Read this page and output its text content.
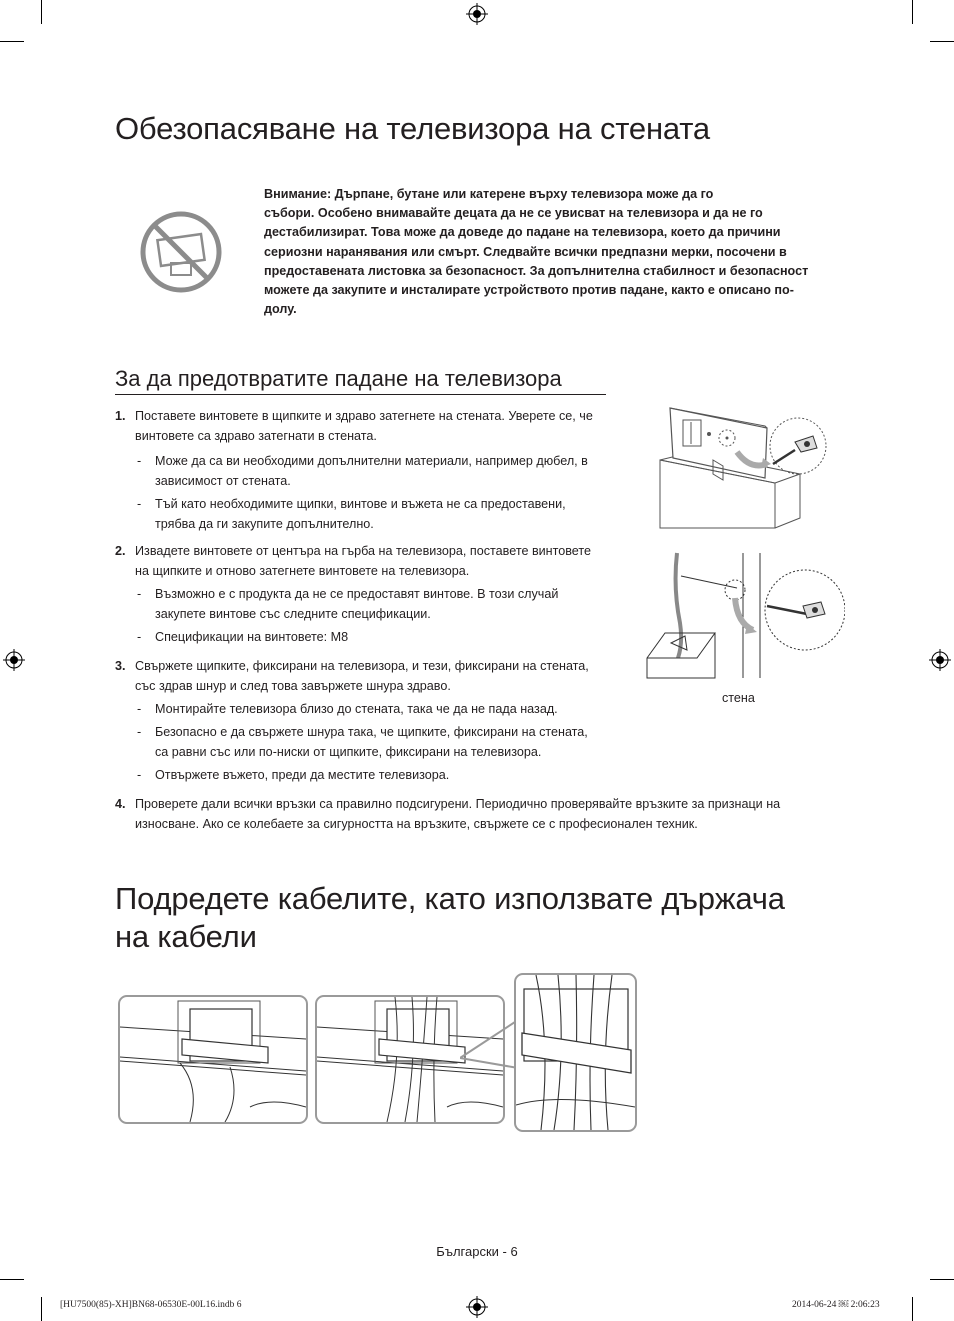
Обезопасяване на телевизора на стената
Внимание: Дърпане, бутане или катерене върху телевизора може да го
събори. Особено внимавайте децата да не се увисват на телевизора и да не го
дестабилизират. Това може да доведе до падане на телевизора, което да причини
сериозни наранявания или смърт. Следвайте всички предпазни мерки, посочени в
предоставената листовка за безопасност. За допълнителна стабилност и безопасност
можете да закупите и инсталирате устройството против падане, както е описано по-
долу.
За да предотвратите падане на телевизора
1. Поставете винтовете в щипките и здраво затегнете на стената. Уверете се, че
винтовете са здраво затегнати в стената.
- Може да са ви необходими допълнителни материали, например дюбел, в
зависимост от стената.
- Тъй като необходимите щипки, винтове и въжета не са предоставени,
трябва да ги закупите допълнително.
2. Извадете винтовете от центъра на гърба на телевизора, поставете винтовете
на щипките и отново затегнете винтовете на телевизора.
- Възможно е с продукта да не се предоставят винтове. В този случай
закупете винтове със следните спецификации.
- Спецификации на винтовете: M8
3. Свържете щипките, фиксирани на телевизора, и тези, фиксирани на стената,
със здрав шнур и след това завържете шнура здраво.
- Монтирайте телевизора близо до стената, така че да не пада назад.
- Безопасно е да свържете шнура така, че щипките, фиксирани на стената,
са равни със или по-ниски от щипките, фиксирани на телевизора.
- Отвържете въжето, преди да местите телевизора.
4. Проверете дали всички връзки са правилно подсигурени. Периодично проверявайте връзките за признаци на
износване. Ако се колебаете за сигурността на връзките, свържете се с професионален техник.
стена
Подредете кабелите, като използвате държача
на кабели
Български - 6
[HU7500(85)-XH]BN68-06530E-00L16.indb 6	2014-06-24 ￼ 2:06:23
